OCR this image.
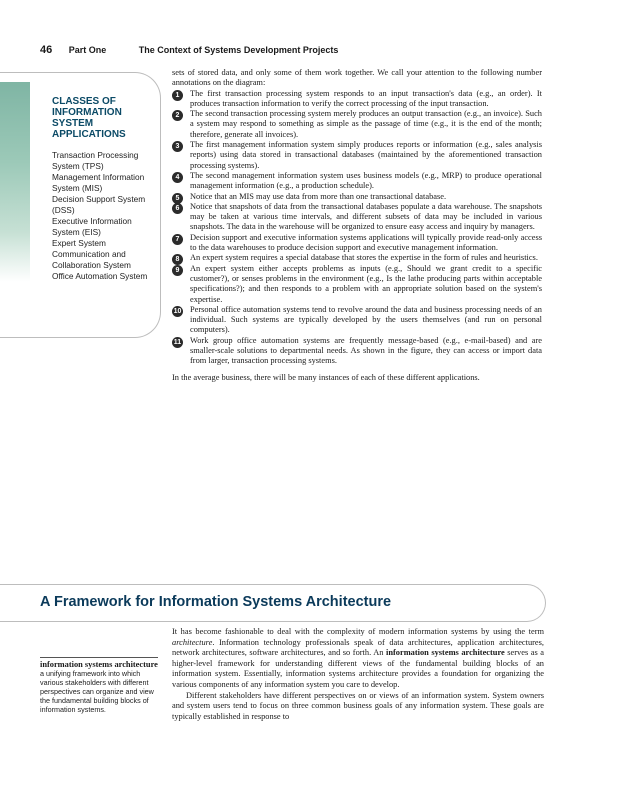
46 Part One	The Context of Systems Development Projects
CLASSES OF INFORMATION SYSTEM APPLICATIONS
Transaction Processing System (TPS)
Management Information System (MIS)
Decision Support System (DSS)
Executive Information System (EIS)
Expert System
Communication and Collaboration System
Office Automation System

sets of stored data, and only some of them work together. We call your attention to the following number annotations on the diagram:

1	The first transaction processing system responds to an input transaction's data (e.g., an order). It produces transaction information to verify the correct processing of the input transaction.
2	The second transaction processing system merely produces an output transaction (e.g., an invoice). Such a system may respond to something as simple as the passage of time (e.g., it is the end of the month; therefore, generate all invoices).
3	The first management information system simply produces reports or information (e.g., sales analysis reports) using data stored in transactional databases (maintained by the aforementioned transaction processing systems).
4	The second management information system uses business models (e.g., MRP) to produce operational management information (e.g., a production schedule).
5	Notice that an MIS may use data from more than one transactional database.
6	Notice that snapshots of data from the transactional databases populate a data warehouse. The snapshots may be taken at various time intervals, and different subsets of data may be included in various snapshots. The data in the warehouse will be organized to ensure easy access and inquiry by managers.
7	Decision support and executive information systems applications will typically provide read-only access to the data warehouses to produce decision support and executive management information.
8	An expert system requires a special database that stores the expertise in the form of rules and heuristics.
9	An expert system either accepts problems as inputs (e.g., Should we grant credit to a specific customer?), or senses problems in the environment (e.g., Is the lathe producing parts within acceptable specifications?); and then responds to a problem with an appropriate solution based on the system's expertise.
10 Personal office automation systems tend to revolve around the data and business processing needs of an individual. Such systems are typically developed by the users themselves (and run on personal computers).
11 Work group office automation systems are frequently message-based (e.g., e-mail-based) and are smaller-scale solutions to departmental needs. As shown in the figure, they can access or import data from larger, transaction processing systems.

In the average business, there will be many instances of each of these different applications.

A Framework for Information Systems Architecture
information systems architecture
a unifying framework into which various stakeholders with different perspectives can organize and view the fundamental building blocks of information systems.

It has become fashionable to deal with the complexity of modern information systems by using the term architecture. Information technology professionals speak of data architectures, application architectures, network architectures, software architectures, and so forth. An information systems architecture serves as a higher-level framework for understanding different views of the fundamental building blocks of an information system. Essentially, information systems architecture provides a foundation for organizing the various components of any information system you care to develop.

Different stakeholders have different perspectives on or views of an information system. System owners and system users tend to focus on three common business goals of any information system. These goals are typically established in response to
